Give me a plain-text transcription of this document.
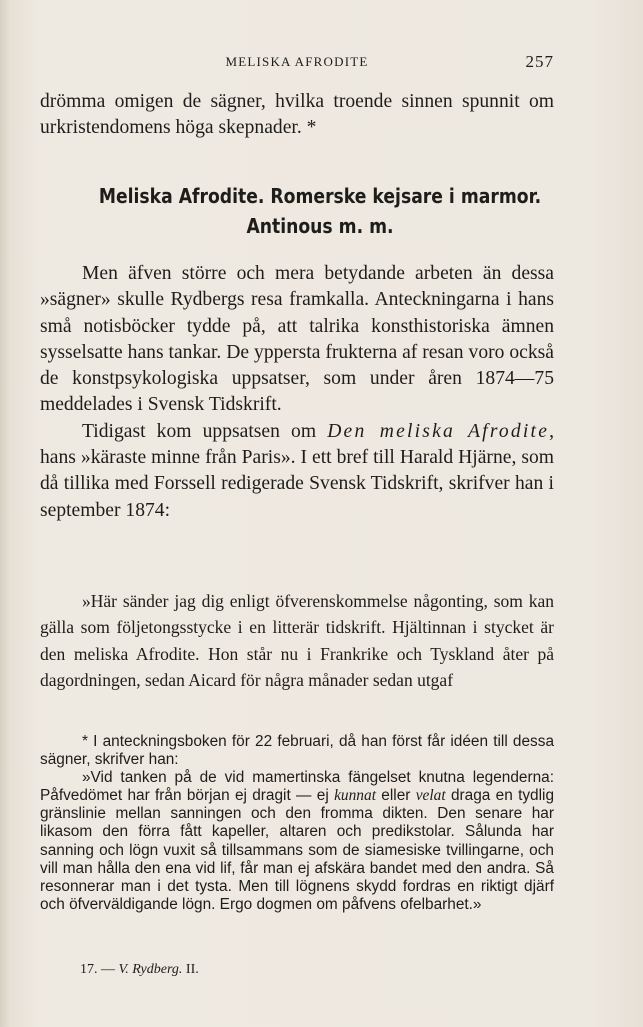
MELISKA AFRODITE	257

drömma omigen de sägner, hvilka troende sinnen spunnit om urkristendomens höga skepnader. *

Meliska Afrodite. Romerske kejsare i marmor.
Antinous m. m.

Men äfven större och mera betydande arbeten än dessa »sägner» skulle Rydbergs resa framkalla. Anteckningarna i hans små notisböcker tydde på, att talrika konsthistoriska ämnen sysselsatte hans tankar. De yppersta frukterna af resan voro också de konstpsykologiska uppsatser, som under åren 1874—75 meddelades i Svensk Tidskrift.

Tidigast kom uppsatsen om Den meliska Afrodite, hans »käraste minne från Paris». I ett bref till Harald Hjärne, som då tillika med Forssell redigerade Svensk Tidskrift, skrifver han i september 1874:

»Här sänder jag dig enligt öfverenskommelse någonting, som kan gälla som följetongsstycke i en litterär tidskrift. Hjältinnan i stycket är den meliska Afrodite. Hon står nu i Frankrike och Tyskland åter på dagordningen, sedan Aicard för några månader sedan utgaf

* I anteckningsboken för 22 februari, då han först får idéen till dessa sägner, skrifver han:

»Vid tanken på de vid mamertinska fängelset knutna legenderna: Påfvedömet har från början ej dragit — ej kunnat eller velat draga en tydlig gränslinie mellan sanningen och den fromma dikten. Den senare har likasom den förra fått kapeller, altaren och predikstolar. Sålunda har sanning och lögn vuxit så tillsammans som de siamesiske tvillingarne, och vill man hålla den ena vid lif, får man ej afskära bandet med den andra. Så resonnerar man i det tysta. Men till lögnens skydd fordras en riktigt djärf och öfverväldigande lögn. Ergo dogmen om påfvens ofelbarhet.»

17. — V. Rydberg. II.
